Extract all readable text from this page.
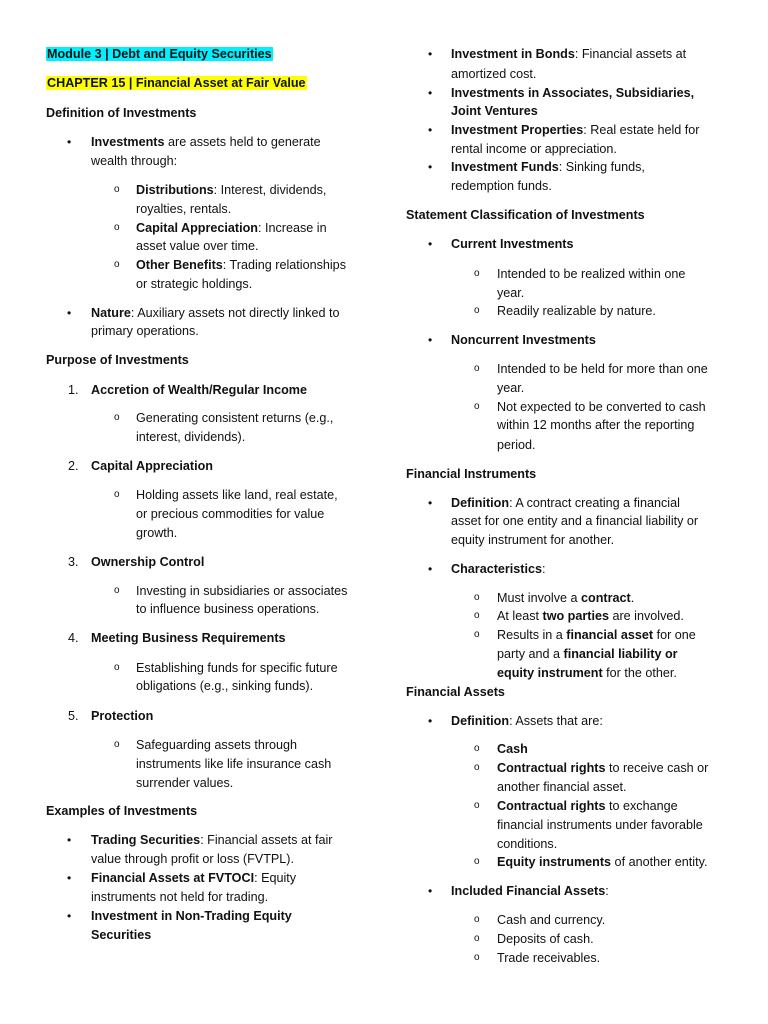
Module 3 | Debt and Equity Securities
CHAPTER 15 | Financial Asset at Fair Value
Definition of Investments
• Investments are assets held to generate
wealth through:
o Distributions: Interest, dividends,
royalties, rentals.
o Capital Appreciation: Increase in
asset value over time.
o Other Benefits: Trading relationships
or strategic holdings.
• Nature: Auxiliary assets not directly linked to
primary operations.
Purpose of Investments
1. Accretion of Wealth/Regular Income
o Generating consistent returns (e.g.,
interest, dividends).
2. Capital Appreciation
o Holding assets like land, real estate,
or precious commodities for value
growth.
3. Ownership Control
o Investing in subsidiaries or associates
to influence business operations.
4. Meeting Business Requirements
o Establishing funds for specific future
obligations (e.g., sinking funds).
5. Protection
o Safeguarding assets through
instruments like life insurance cash
surrender values.
Examples of Investments
• Trading Securities: Financial assets at fair
value through profit or loss (FVTPL).
• Financial Assets at FVTOCI: Equity
instruments not held for trading.
• Investment in Non-Trading Equity
Securities
• Investment in Bonds: Financial assets at
amortized cost.
• Investments in Associates, Subsidiaries,
Joint Ventures
• Investment Properties: Real estate held for
rental income or appreciation.
• Investment Funds: Sinking funds,
redemption funds.
Statement Classification of Investments
• Current Investments
o Intended to be realized within one
year.
o Readily realizable by nature.
• Noncurrent Investments
o Intended to be held for more than one
year.
o Not expected to be converted to cash
within 12 months after the reporting
period.
Financial Instruments
• Definition: A contract creating a financial
asset for one entity and a financial liability or
equity instrument for another.
• Characteristics:
o Must involve a contract.
o At least two parties are involved.
o Results in a financial asset for one
party and a financial liability or
equity instrument for the other.
Financial Assets
• Definition: Assets that are:
o Cash
o Contractual rights to receive cash or
another financial asset.
o Contractual rights to exchange
financial instruments under favorable
conditions.
o Equity instruments of another entity.
• Included Financial Assets:
o Cash and currency.
o Deposits of cash.
o Trade receivables.
